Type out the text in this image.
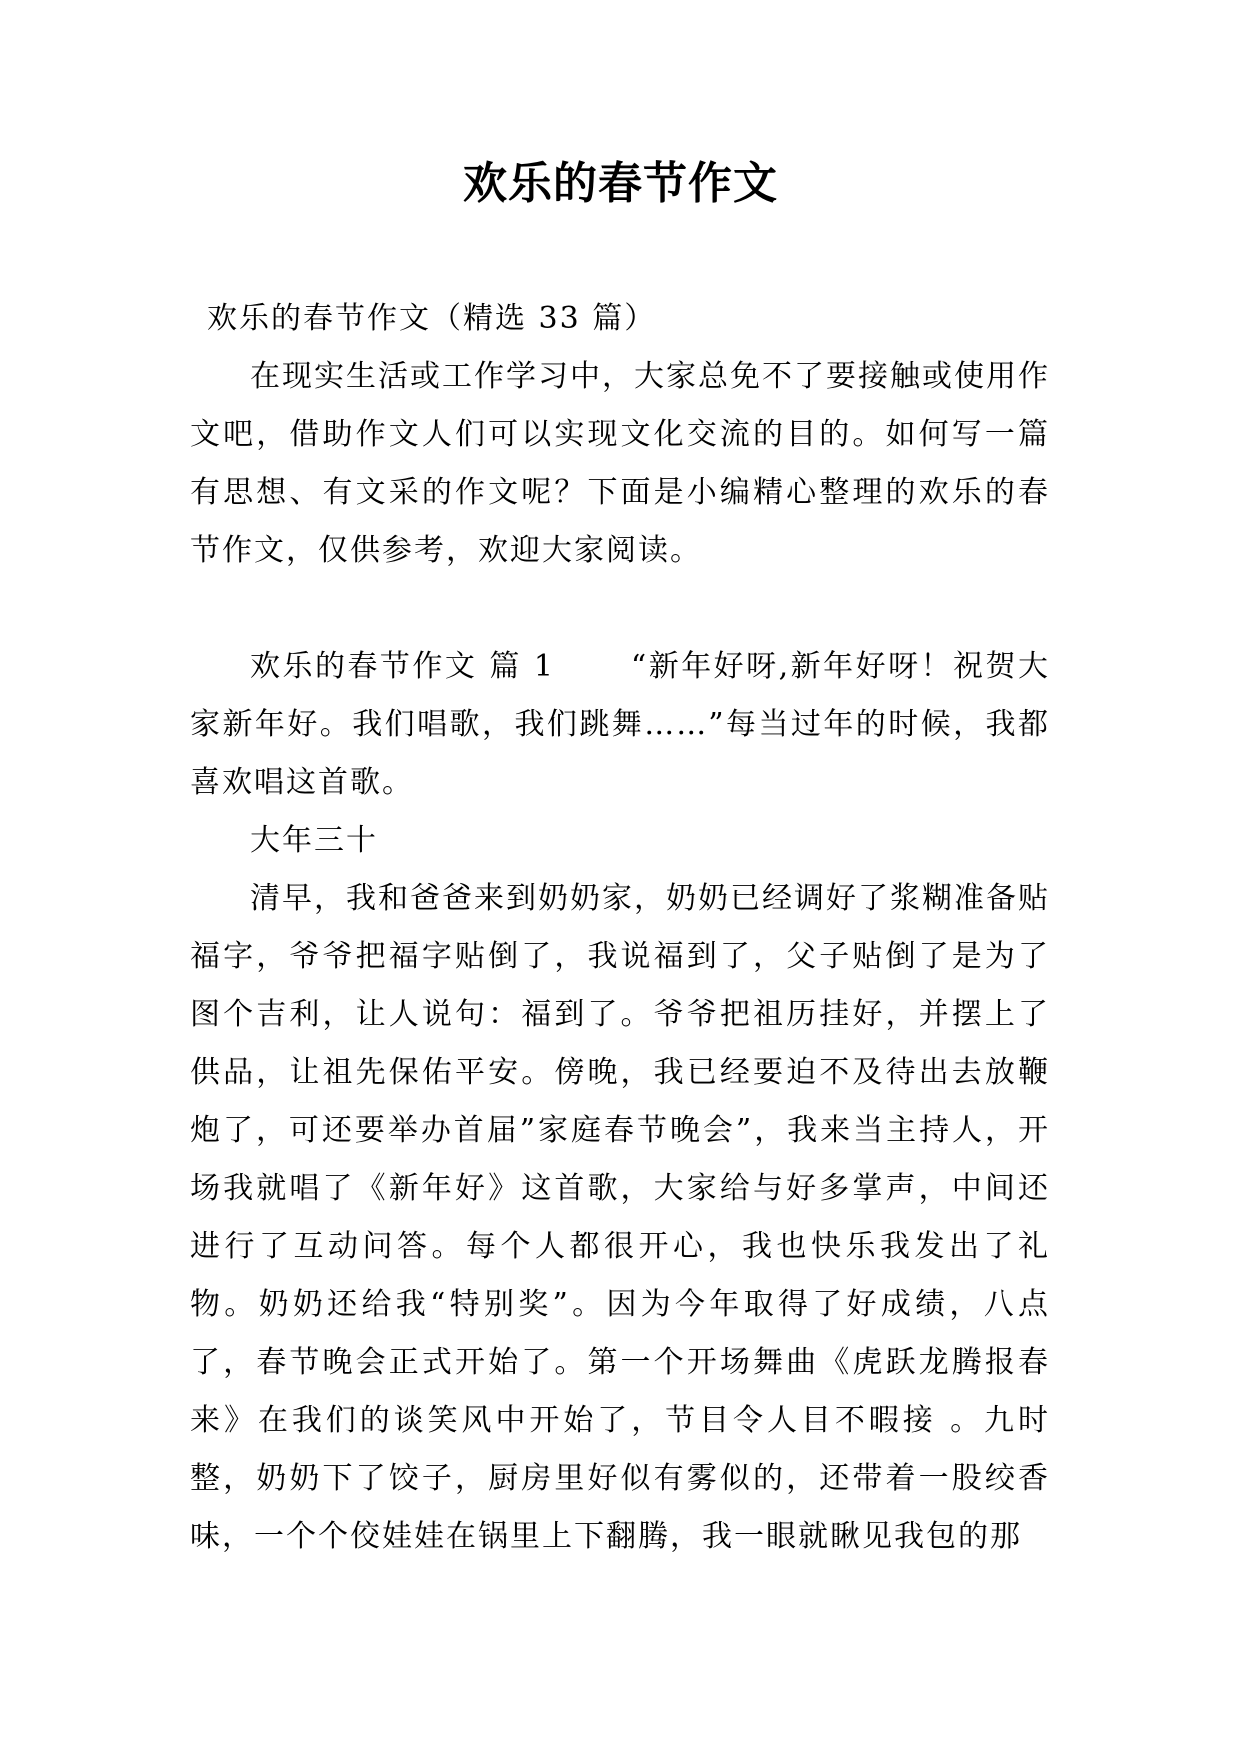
欢乐的春节作文

欢乐的春节作文（精选 33 篇）

在现实生活或工作学习中，大家总免不了要接触或使用作文吧，借助作文人们可以实现文化交流的目的。如何写一篇有思想、有文采的作文呢？下面是小编精心整理的欢乐的春节作文，仅供参考，欢迎大家阅读。

欢乐的春节作文 篇 1	“新年好呀,新年好呀！祝贺大家新年好。我们唱歌，我们跳舞……”每当过年的时候，我都喜欢唱这首歌。

大年三十

清早，我和爸爸来到奶奶家，奶奶已经调好了浆糊准备贴福字，爷爷把福字贴倒了，我说福到了，父子贴倒了是为了图个吉利，让人说句：福到了。爷爷把祖历挂好，并摆上了供品，让祖先保佑平安。傍晚，我已经要迫不及待出去放鞭炮了，可还要举办首届”家庭春节晚会”，我来当主持人，开场我就唱了《新年好》这首歌，大家给与好多掌声，中间还进行了互动问答。每个人都很开心，我也快乐我发出了礼物。奶奶还给我“特别奖”。因为今年取得了好成绩，八点了，春节晚会正式开始了。第一个开场舞曲《虎跃龙腾报春来》在我们的谈笑风中开始了，节目令人目不暇接 。九时整，奶奶下了饺子，厨房里好似有雾似的，还带着一股绞香味，一个个佼娃娃在锅里上下翻腾，我一眼就瞅见我包的那
